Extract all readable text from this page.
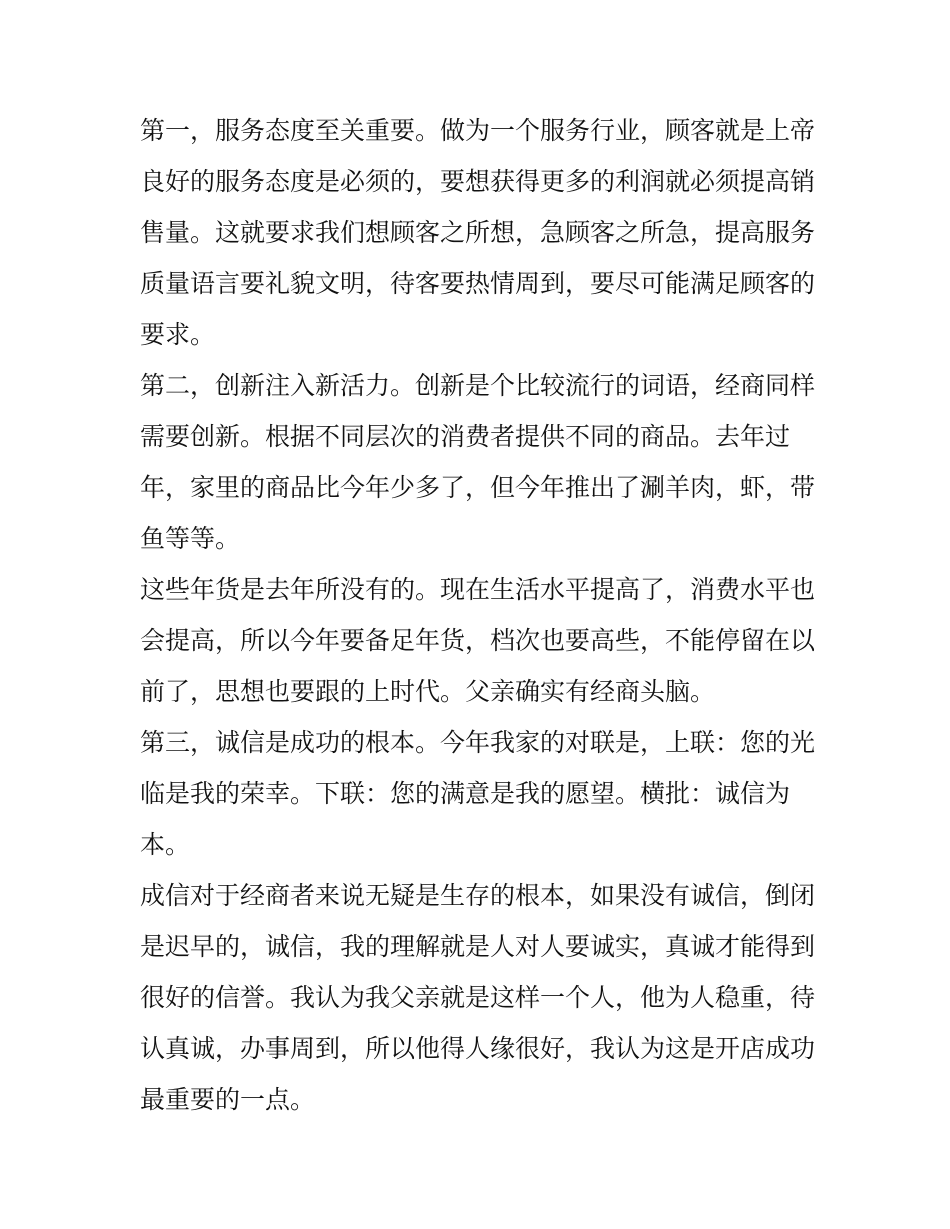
第一，服务态度至关重要。做为一个服务行业，顾客就是上帝
良好的服务态度是必须的，要想获得更多的利润就必须提高销
售量。这就要求我们想顾客之所想，急顾客之所急，提高服务
质量语言要礼貌文明，待客要热情周到，要尽可能满足顾客的
要求。
第二，创新注入新活力。创新是个比较流行的词语，经商同样
需要创新。根据不同层次的消费者提供不同的商品。去年过
年，家里的商品比今年少多了，但今年推出了涮羊肉，虾，带
鱼等等。
这些年货是去年所没有的。现在生活水平提高了，消费水平也
会提高，所以今年要备足年货，档次也要高些，不能停留在以
前了，思想也要跟的上时代。父亲确实有经商头脑。
第三，诚信是成功的根本。今年我家的对联是，上联：您的光
临是我的荣幸。下联：您的满意是我的愿望。横批：诚信为
本。
成信对于经商者来说无疑是生存的根本，如果没有诚信，倒闭
是迟早的，诚信，我的理解就是人对人要诚实，真诚才能得到
很好的信誉。我认为我父亲就是这样一个人，他为人稳重，待
认真诚，办事周到，所以他得人缘很好，我认为这是开店成功
最重要的一点。
